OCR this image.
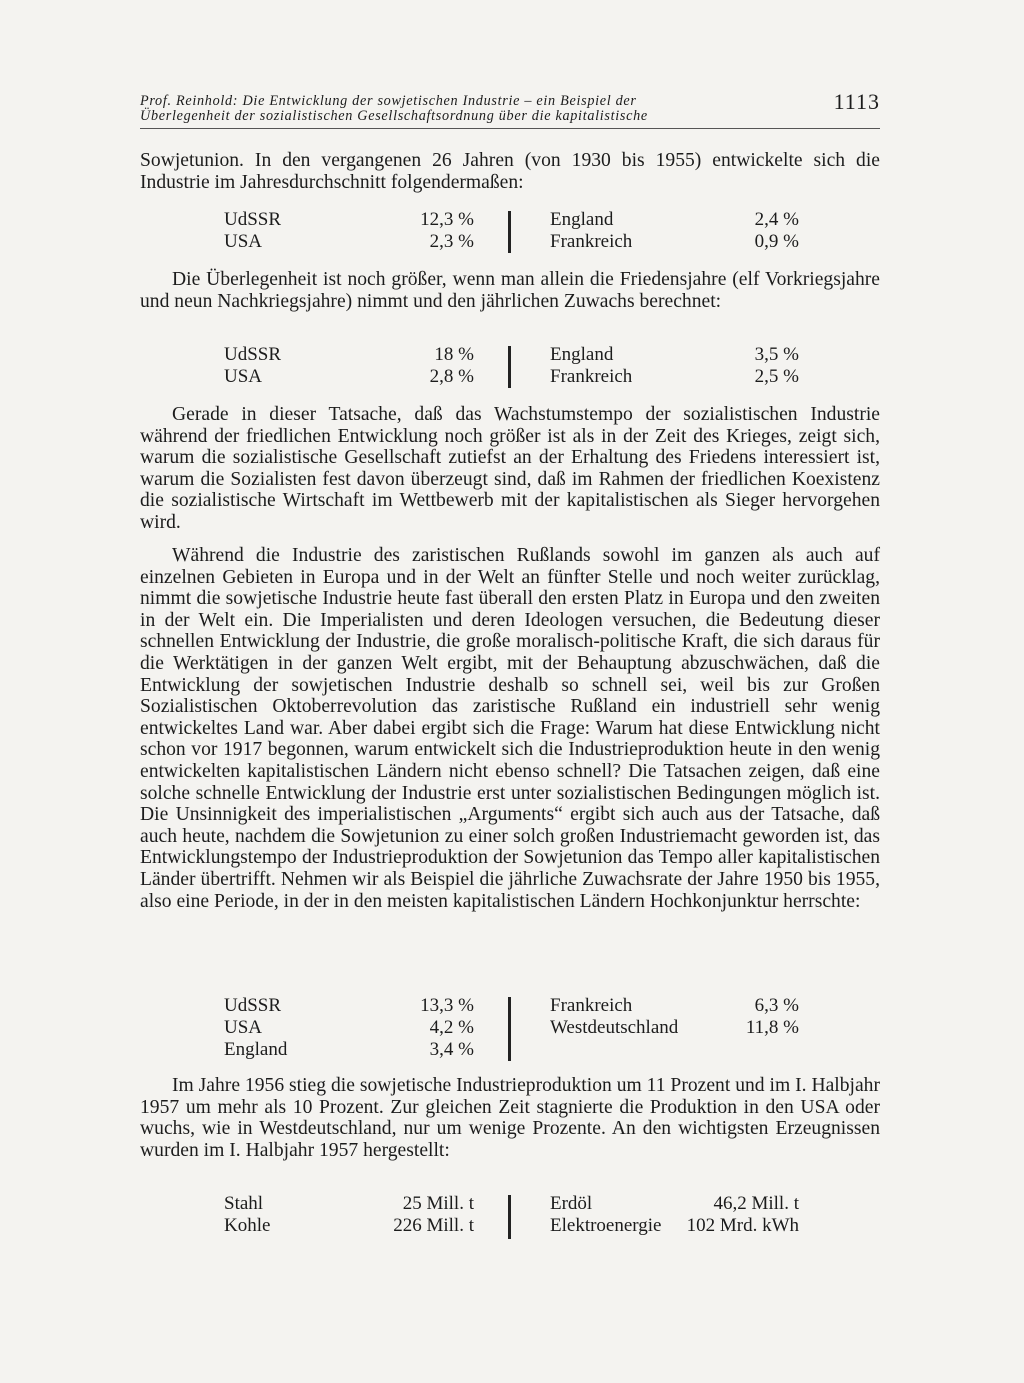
Prof. Reinhold: Die Entwicklung der sowjetischen Industrie – ein Beispiel der
Überlegenheit der sozialistischen Gesellschaftsordnung über die kapitalistische
1113

Sowjetunion. In den vergangenen 26 Jahren (von 1930 bis 1955) entwickelte sich die Industrie im Jahresdurchschnitt folgendermaßen:

UdSSR	12,3 %	England	2,4 %
USA	2,3 %	Frankreich	0,9 %

Die Überlegenheit ist noch größer, wenn man allein die Friedensjahre (elf Vorkriegsjahre und neun Nachkriegsjahre) nimmt und den jährlichen Zuwachs berechnet:

UdSSR	18 %	England	3,5 %
USA	2,8 %	Frankreich	2,5 %

Gerade in dieser Tatsache, daß das Wachstumstempo der sozialistischen Industrie während der friedlichen Entwicklung noch größer ist als in der Zeit des Krieges, zeigt sich, warum die sozialistische Gesellschaft zutiefst an der Erhaltung des Friedens interessiert ist, warum die Sozialisten fest davon überzeugt sind, daß im Rahmen der friedlichen Koexistenz die sozialistische Wirtschaft im Wettbewerb mit der kapitalistischen als Sieger hervorgehen wird.

Während die Industrie des zaristischen Rußlands sowohl im ganzen als auch auf einzelnen Gebieten in Europa und in der Welt an fünfter Stelle und noch weiter zurücklag, nimmt die sowjetische Industrie heute fast überall den ersten Platz in Europa und den zweiten in der Welt ein. Die Imperialisten und deren Ideologen versuchen, die Bedeutung dieser schnellen Entwicklung der Industrie, die große moralisch-politische Kraft, die sich daraus für die Werktätigen in der ganzen Welt ergibt, mit der Behauptung abzuschwächen, daß die Entwicklung der sowjetischen Industrie deshalb so schnell sei, weil bis zur Großen Sozialistischen Oktoberrevolution das zaristische Rußland ein industriell sehr wenig entwickeltes Land war. Aber dabei ergibt sich die Frage: Warum hat diese Entwicklung nicht schon vor 1917 begonnen, warum entwickelt sich die Industrieproduktion heute in den wenig entwickelten kapitalistischen Ländern nicht ebenso schnell? Die Tatsachen zeigen, daß eine solche schnelle Entwicklung der Industrie erst unter sozialistischen Bedingungen möglich ist. Die Unsinnigkeit des imperialistischen „Arguments“ ergibt sich auch aus der Tatsache, daß auch heute, nachdem die Sowjetunion zu einer solch großen Industriemacht geworden ist, das Entwicklungstempo der Industrieproduktion der Sowjetunion das Tempo aller kapitalistischen Länder übertrifft. Nehmen wir als Beispiel die jährliche Zuwachsrate der Jahre 1950 bis 1955, also eine Periode, in der in den meisten kapitalistischen Ländern Hochkonjunktur herrschte:

UdSSR	13,3 %	Frankreich	6,3 %
USA	4,2 %	Westdeutschland	11,8 %
England	3,4 %

Im Jahre 1956 stieg die sowjetische Industrieproduktion um 11 Prozent und im I. Halbjahr 1957 um mehr als 10 Prozent. Zur gleichen Zeit stagnierte die Produktion in den USA oder wuchs, wie in Westdeutschland, nur um wenige Prozente. An den wichtigsten Erzeugnissen wurden im I. Halbjahr 1957 hergestellt:

Stahl	25 Mill. t	Erdöl	46,2 Mill. t
Kohle	226 Mill. t	Elektroenergie 102 Mrd. kWh
